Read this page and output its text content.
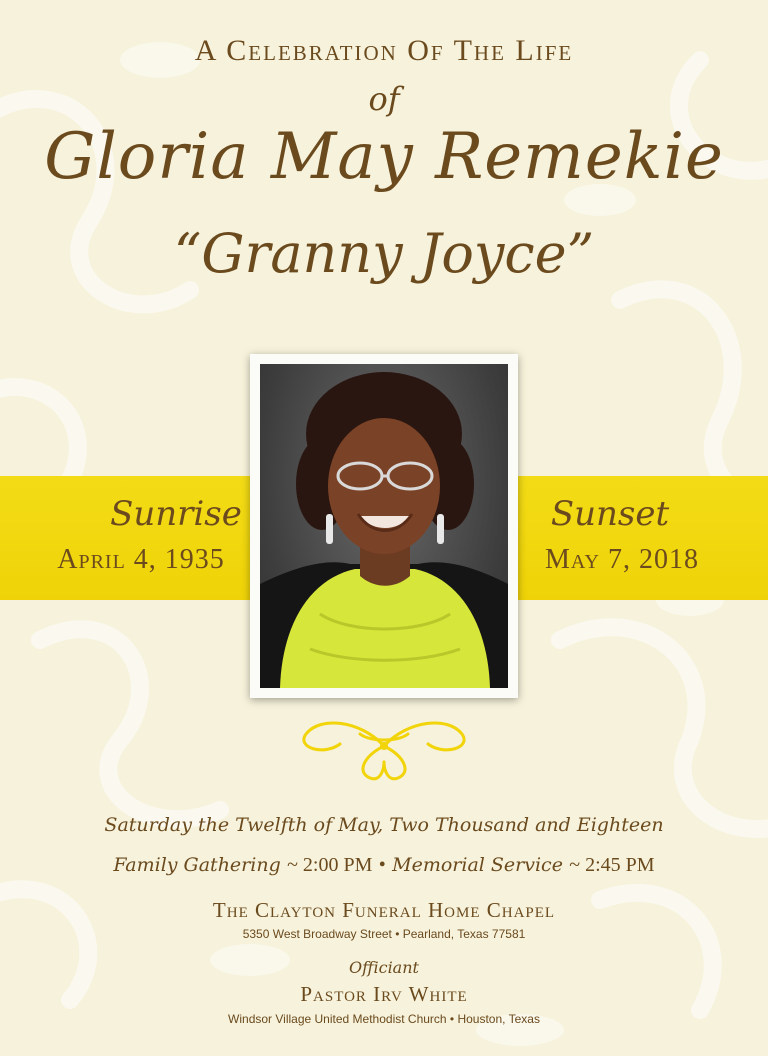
A Celebration Of The Life
of
Gloria May Remekie
“Granny Joyce”
Sunrise
April 4, 1935
Sunset
May 7, 2018
Saturday the Twelfth of May, Two Thousand and Eighteen
Family Gathering ~ 2:00 PM • Memorial Service ~ 2:45 PM
The Clayton Funeral Home Chapel
5350 West Broadway Street • Pearland, Texas 77581
Officiant
Pastor Irv White
Windsor Village United Methodist Church • Houston, Texas
